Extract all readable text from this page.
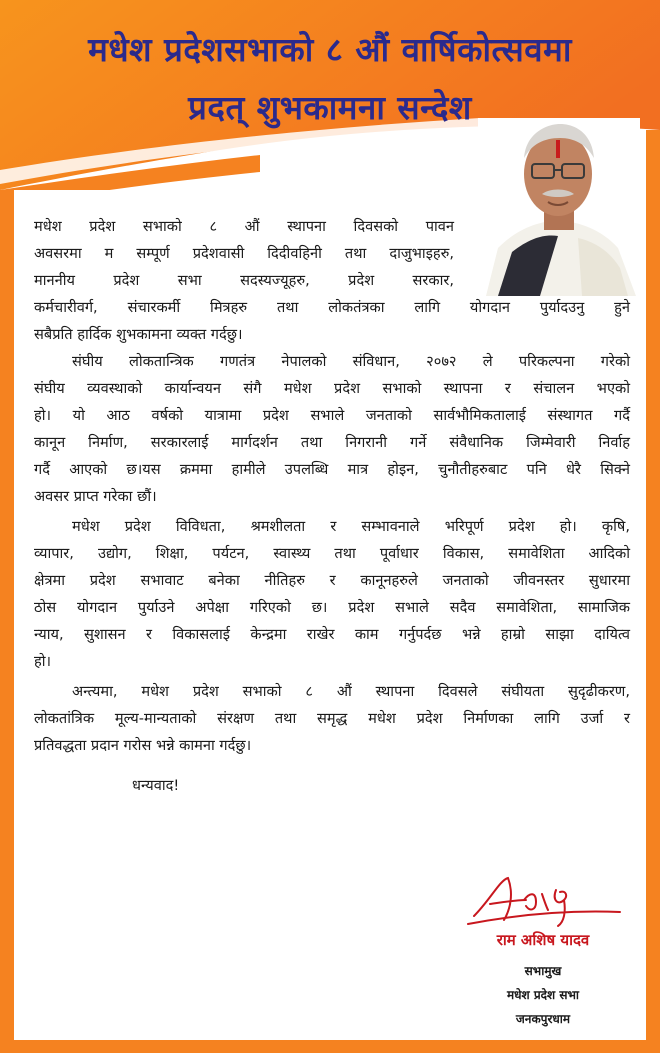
मधेश प्रदेशसभाको ८ औं वार्षिकोत्सवमा
प्रदत् शुभकामना सन्देश
मधेश प्रदेश सभाको ८ औं स्थापना दिवसको पावन
अवसरमा म सम्पूर्ण प्रदेशवासी दिदीवहिनी तथा दाजुभाइहरु,
माननीय प्रदेश सभा सदस्यज्यूहरु, प्रदेश सरकार,
कर्मचारीवर्ग, संचारकर्मी मित्रहरु तथा लोकतंत्रका लागि योगदान पुर्यादउनु हुने
सबैप्रति हार्दिक शुभकामना व्यक्त गर्दछु।
संघीय लोकतान्त्रिक गणतंत्र नेपालको संविधान, २०७२ ले परिकल्पना गरेको
संघीय व्यवस्थाको कार्यान्वयन संगै मधेश प्रदेश सभाको स्थापना र संचालन भएको
हो। यो आठ वर्षको यात्रामा प्रदेश सभाले जनताको सार्वभौमिकतालाई संस्थागत गर्दै
कानून निर्माण, सरकारलाई मार्गदर्शन तथा निगरानी गर्ने संवैधानिक जिम्मेवारी निर्वाह
गर्दै आएको छ।यस क्रममा हामीले उपलब्धि मात्र होइन, चुनौतीहरुबाट पनि धेरै सिक्ने
अवसर प्राप्त गरेका छौं।
मधेश प्रदेश विविधता, श्रमशीलता र सम्भावनाले भरिपूर्ण प्रदेश हो। कृषि,
व्यापार, उद्योग, शिक्षा, पर्यटन, स्वास्थ्य तथा पूर्वाधार विकास, समावेशिता आदिको
क्षेत्रमा प्रदेश सभावाट बनेका नीतिहरु र कानूनहरुले जनताको जीवनस्तर सुधारमा
ठोस योगदान पुर्याउने अपेक्षा गरिएको छ। प्रदेश सभाले सदैव समावेशिता, सामाजिक
न्याय, सुशासन र विकासलाई केन्द्रमा राखेर काम गर्नुपर्दछ भन्ने हाम्रो साझा दायित्व
हो।
अन्त्यमा, मधेश प्रदेश सभाको ८ औं स्थापना दिवसले संघीयता सुदृढीकरण,
लोकतांत्रिक मूल्य-मान्यताको संरक्षण तथा समृद्ध मधेश प्रदेश निर्माणका लागि उर्जा र
प्रतिवद्धता प्रदान गरोस भन्ने कामना गर्दछु।
धन्यवाद!
राम अशिष यादव
सभामुख
मधेश प्रदेश सभा
जनकपुरधाम
